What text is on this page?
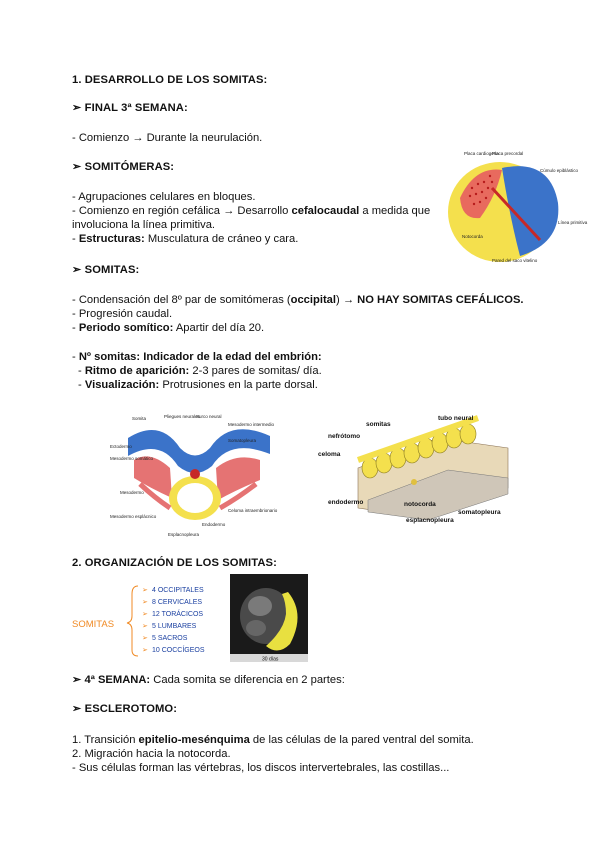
1. DESARROLLO DE LOS SOMITAS:
➢ FINAL 3ª SEMANA:
- Comienzo → Durante la neurulación.
➢ SOMITÓMERAS:
- Agrupaciones celulares en bloques.
- Comienzo en región cefálica → Desarrollo cefalocaudal a medida que
involuciona la línea primitiva.
- Estructuras: Musculatura de cráneo y cara.
➢ SOMITAS:
- Condensación del 8º par de somitómeras (occipital) → NO HAY SOMITAS CEFÁLICOS.
- Progresión caudal.
- Periodo somítico: Apartir del día 20.
- Nº somitas: Indicador de la edad del embrión:
- Ritmo de aparición: 2-3 pares de somitas/ día.
- Visualización: Protrusiones en la parte dorsal.
Placa cardiogena
Placa precordal
Cúmulo epiblástico
Línea primitiva
Notocorda
Pared del saco vitelino
Ectodermo
Mesodermo somático
Mesodermo
Mesodermo esplácnico
Somita	Pliegues neurales
Surco neural
Mesodermo intermedio
Somatopleura
Celoma intraembrionario
Endodermo
Esplacnopleura
somitas
tubo neural
nefrótomo
celoma
notocorda
endodermo
somatopleura
esplacnopleura
2. ORGANIZACIÓN DE LOS SOMITAS:
SOMITAS
➢
➢
➢
➢
➢
➢
4 OCCIPITALES
8 CERVICALES
12 TORÁCICOS
5 LUMBARES
5 SACROS
10 COCCÍGEOS
30 días
➢ 4ª SEMANA: Cada somita se diferencia en 2 partes:
➢ ESCLEROTOMO:
1. Transición epitelio-mesénquima de las células de la pared ventral del somita.
2. Migración hacia la notocorda.
- Sus células forman las vértebras, los discos intervertebrales, las costillas...
